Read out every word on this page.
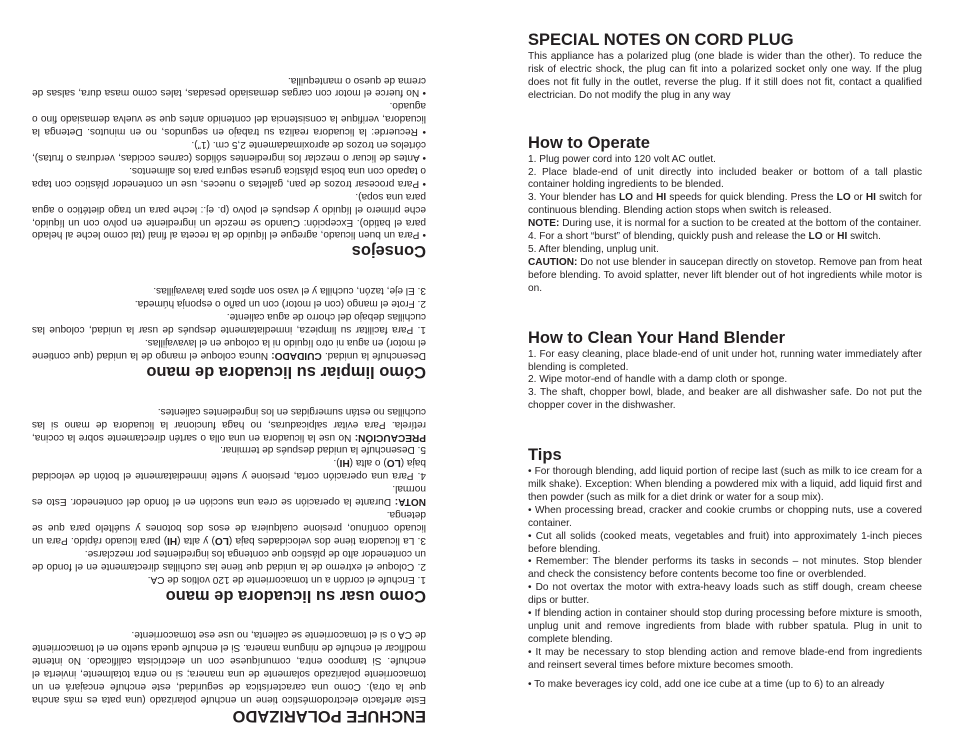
ENCHUFE POLARIZADO

Este artefacto electrodoméstico tiene un enchufe polarizado (una pata es más ancha que la otra). Como una característica de seguridad, este enchufe encajará en un tomacorriente polarizado solamente de una manera; si no entra totalmente, invierta el enchufe. Si tampoco entra, comuníquese con un electricista calificado. No intente modificar el enchufe de ninguna manera. Si el enchufe queda suelto en el tomacorriente de CA o si el tomacorriente se calienta, no use ese tomacorriente.

Como usar su licuadora de mano

1. Enchufe el cordón a un tomacorriente de 120 voltios de CA.

2. Coloque el extremo de la unidad que tiene las cuchillas directamente en el fondo de un contenedor alto de plástico que contenga los ingredientes por mezclarse.

3. La licuadora tiene dos velocidades baja (LO) y alta (HI) para licuado rápido. Para un licuado contínuo, presione cualquiera de esos dos botones y suéltelo para que se detenga.

NOTA: Durante la operación se crea una succión en el fondo del contenedor. Esto es normal.

4. Para una operación corta, presione y suelte inmediatamente el botón de velocidad baja (LO) o alta (HI).

5. Desenchufe la unidad después de terminar.

PRECAUCIÓN: No use la licuadora en una olla o sartén directamente sobre la cocina, retírela. Para evitar salpicaduras, no haga funcionar la licuadora de mano si las cuchillas no están sumergidas en los ingredientes calientes.

Cómo limpiar su licuadora de mano

Desenchufe la unidad. CUIDADO: Nunca coloque el mango de la unidad (que contiene el motor) en agua ni otro líquido ni la coloque en el lavavajillas.

1. Para facilitar su limpieza, inmediatamente después de usar la unidad, coloque las cuchillas debajo del chorro de agua caliente.

2. Frote el mango (con el motor) con un paño o esponja húmeda.

3. El eje, tazón, cuchilla y el vaso son aptos para lavavajillas.

Consejos

• Para un buen licuado, agregue el líquido de la receta al final (tal como leche al helado para el batido). Excepción: Cuando se mezcle un ingrediente en polvo con un líquido, eche primero el líquido y después el polvo (p. ej.: leche para un trago dietético o agua para una sopa).

• Para procesar trozos de pan, galletas o nueces, use un contenedor plástico con tapa o tapado con una bolsa plástica gruesa segura para los alimentos.

• Antes de licuar o mezclar los ingredientes sólidos (carnes cocidas, verduras o frutas), córtelos en trozos de aproximadamente 2,5 cm. (1”).

• Recuerde: la licuadora realiza su trabajo en segundos, no en minutos. Detenga la licuadora, verifique la consistencia del contenido antes que se vuelva demasiado fino o aguado.

• No fuerce el motor con cargas demasiado pesadas, tales como masa dura, salsas de crema de queso o mantequilla.

SPECIAL NOTES ON CORD PLUG

This appliance has a polarized plug (one blade is wider than the other). To reduce the risk of electric shock, the plug can fit into a polarized socket only one way. If the plug does not fit fully in the outlet, reverse the plug. If it still does not fit, contact a qualified electrician. Do not modify the plug in any way

How to Operate

1. Plug power cord into 120 volt AC outlet.

2. Place blade-end of unit directly into included beaker or bottom of a tall plastic container holding ingredients to be blended.

3. Your blender has LO and HI speeds for quick blending. Press the LO or HI switch for continuous blending. Blending action stops when switch is released.

NOTE: During use, it is normal for a suction to be created at the bottom of the container.

4. For a short “burst” of blending, quickly push and release the LO or HI switch.

5. After blending, unplug unit.

CAUTION: Do not use blender in saucepan directly on stovetop. Remove pan from heat before blending. To avoid splatter, never lift blender out of hot ingredients while motor is on.

How to Clean Your Hand Blender

1. For easy cleaning, place blade-end of unit under hot, running water immediately after blending is completed.

2. Wipe motor-end of handle with a damp cloth or sponge.

3. The shaft, chopper bowl, blade, and beaker are all dishwasher safe. Do not put the chopper cover in the dishwasher.

Tips

• For thorough blending, add liquid portion of recipe last (such as milk to ice cream for a milk shake). Exception: When blending a powdered mix with a liquid, add liquid first and then powder (such as milk for a diet drink or water for a soup mix).

• When processing bread, cracker and cookie crumbs or chopping nuts, use a covered container.

• Cut all solids (cooked meats, vegetables and fruit) into approximately 1-inch pieces before blending.

• Remember: The blender performs its tasks in seconds – not minutes. Stop blender and check the consistency before contents become too fine or overblended.

• Do not overtax the motor with extra-heavy loads such as stiff dough, cream cheese dips or butter.

• If blending action in container should stop during processing before mixture is smooth, unplug unit and remove ingredients from blade with rubber spatula. Plug in unit to complete blending.

• It may be necessary to stop blending action and remove blade-end from ingredients and reinsert several times before mixture becomes smooth.

• To make beverages icy cold, add one ice cube at a time (up to 6) to an already
